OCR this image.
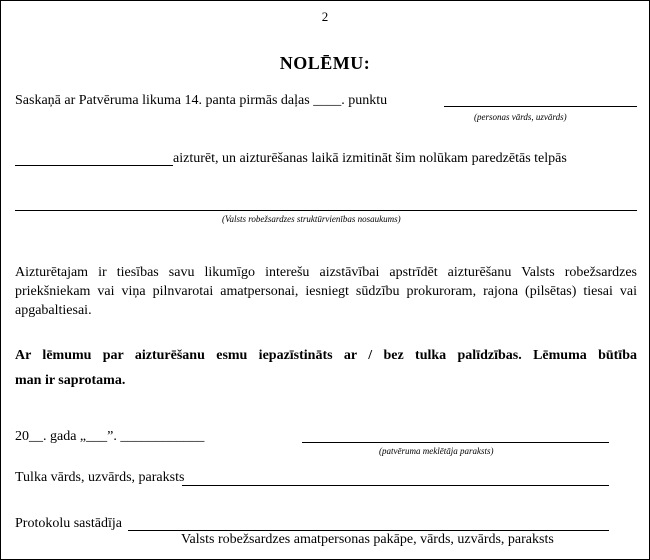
2
NOLĒMU:
Saskaņā ar Patvēruma likuma 14. panta pirmās daļas ____. punktu
(personas vārds, uzvārds)
aizturēt, un aizturēšanas laikā izmitināt šim nolūkam paredzētās telpās
(Valsts robežsardzes struktūrvienības nosaukums)
Aizturētajam ir tiesības savu likumīgo interešu aizstāvībai apstrīdēt aizturēšanu Valsts robežsardzes priekšniekam vai viņa pilnvarotai amatpersonai, iesniegt sūdzību prokuroram, rajona (pilsētas) tiesai vai apgabaltiesai.
Ar lēmumu par aizturēšanu esmu iepazīstināts ar / bez tulka palīdzības. Lēmuma būtība
man ir saprotama.
20__. gada „___”. ____________
(patvēruma meklētāja paraksts)
Tulka vārds, uzvārds, paraksts
Protokolu sastādīja
Valsts robežsardzes amatpersonas pakāpe, vārds, uzvārds, paraksts
